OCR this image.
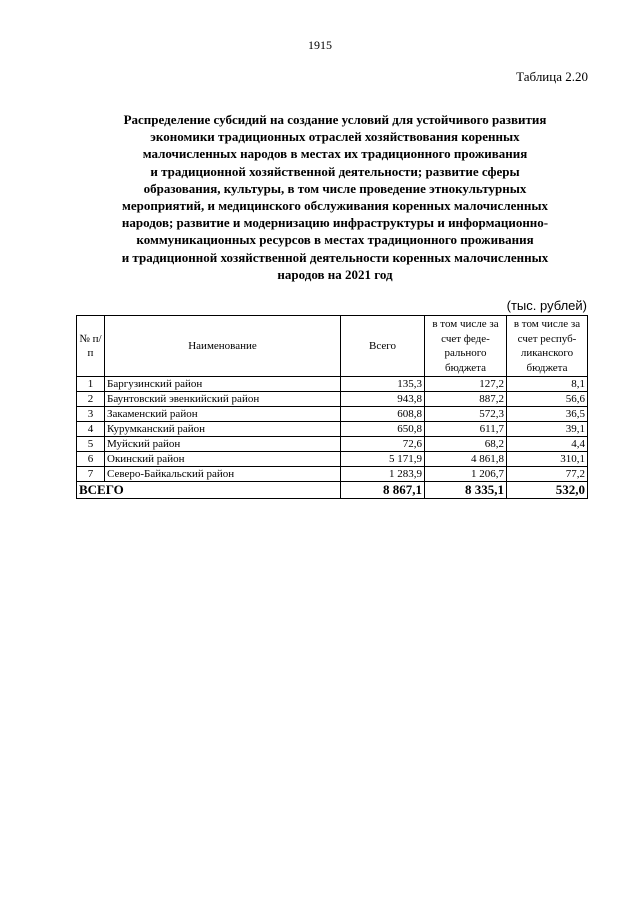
1915
Таблица 2.20
Распределение субсидий на создание условий для устойчивого развития
экономики традиционных отраслей хозяйствования коренных
малочисленных народов в местах их традиционного проживания
и традиционной хозяйственной деятельности; развитие сферы
образования, культуры, в том числе проведение этнокультурных
мероприятий, и медицинского обслуживания коренных малочисленных
народов; развитие и модернизацию инфраструктуры и информационно-
коммуникационных ресурсов в местах традиционного проживания
и традиционной хозяйственной деятельности коренных малочисленных
народов на 2021 год
(тыс. рублей)
№ п/п	Наименование	Всего	в том числе за счет феде-рального бюджета	в том числе за счет респуб-ликанского бюджета
1	Баргузинский район	135,3	127,2	8,1
2	Баунтовский эвенкийский район	943,8	887,2	56,6
3	Закаменский район	608,8	572,3	36,5
4	Курумканский район	650,8	611,7	39,1
5	Муйский район	72,6	68,2	4,4
6	Окинский район	5 171,9	4 861,8	310,1
7	Северо-Байкальский район	1 283,9	1 206,7	77,2
ВСЕГО		8 867,1	8 335,1	532,0
